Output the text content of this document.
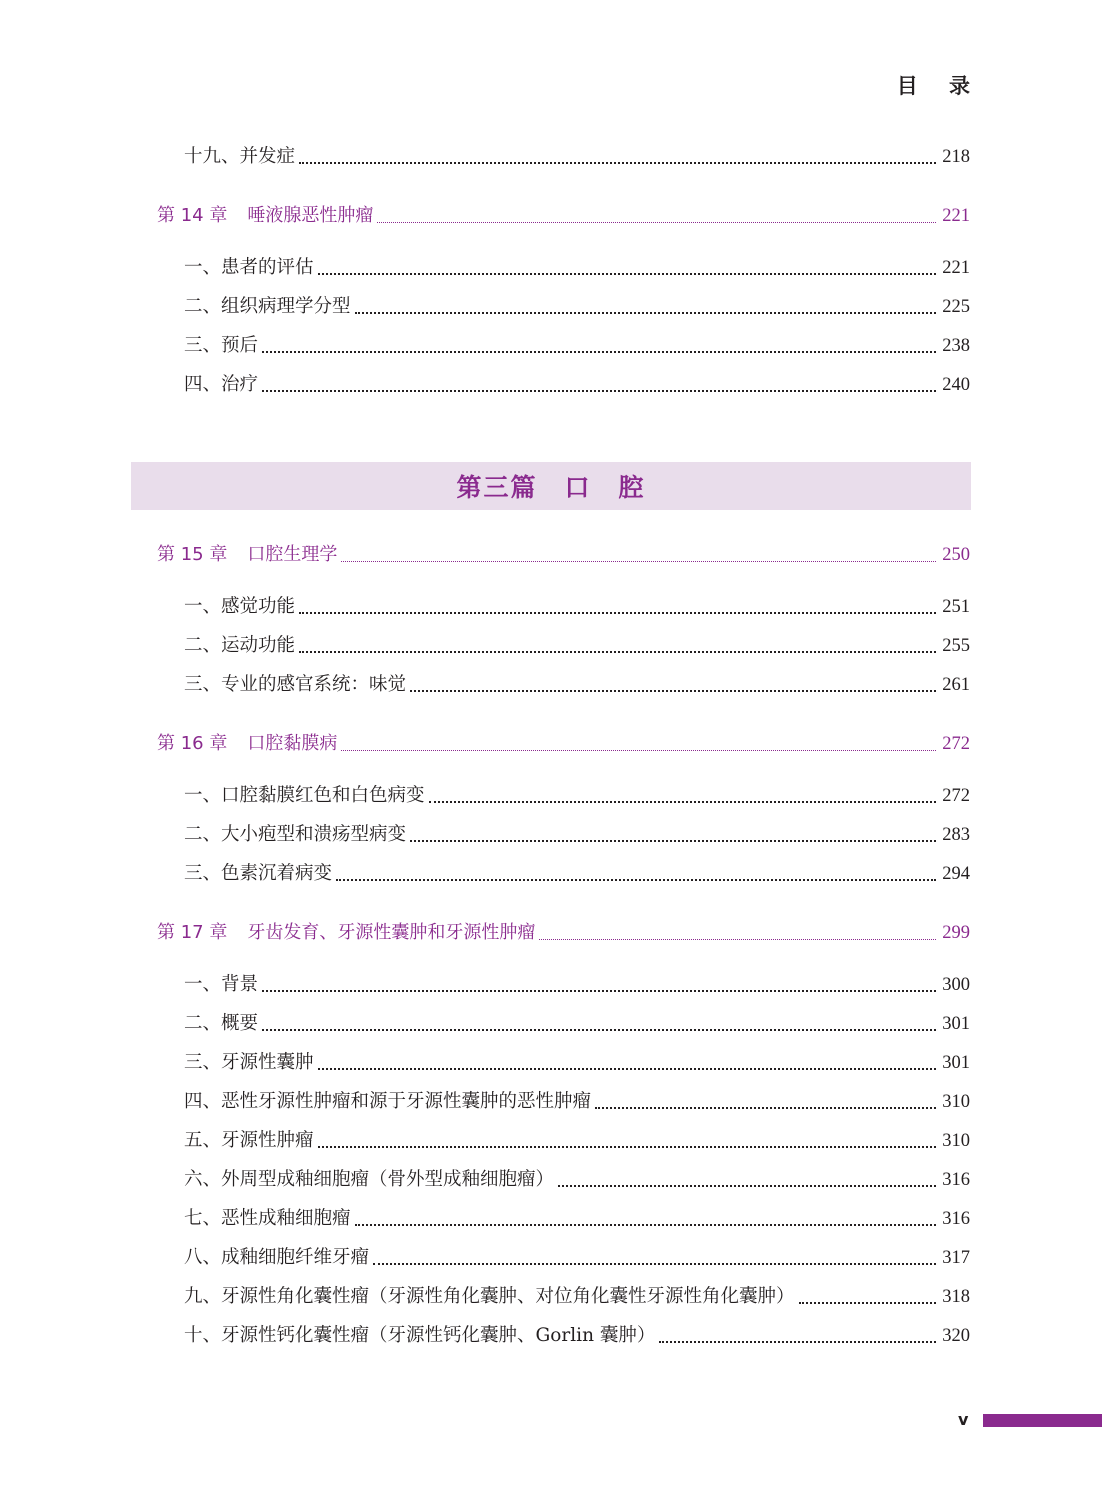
目 录
十九、并发症	218
第 14 章 唾液腺恶性肿瘤	221
一、患者的评估	221
二、组织病理学分型	225
三、预后	238
四、治疗	240
第三篇　口　腔
第 15 章 口腔生理学	250
一、感觉功能	251
二、运动功能	255
三、专业的感官系统：味觉	261
第 16 章 口腔黏膜病	272
一、口腔黏膜红色和白色病变	272
二、大小疱型和溃疡型病变	283
三、色素沉着病变	294
第 17 章 牙齿发育、牙源性囊肿和牙源性肿瘤	299
一、背景	300
二、概要	301
三、牙源性囊肿	301
四、恶性牙源性肿瘤和源于牙源性囊肿的恶性肿瘤	310
五、牙源性肿瘤	310
六、外周型成釉细胞瘤（骨外型成釉细胞瘤）	316
七、恶性成釉细胞瘤	316
八、成釉细胞纤维牙瘤	317
九、牙源性角化囊性瘤（牙源性角化囊肿、对位角化囊性牙源性角化囊肿）	318
十、牙源性钙化囊性瘤（牙源性钙化囊肿、Gorlin 囊肿）	320
v
